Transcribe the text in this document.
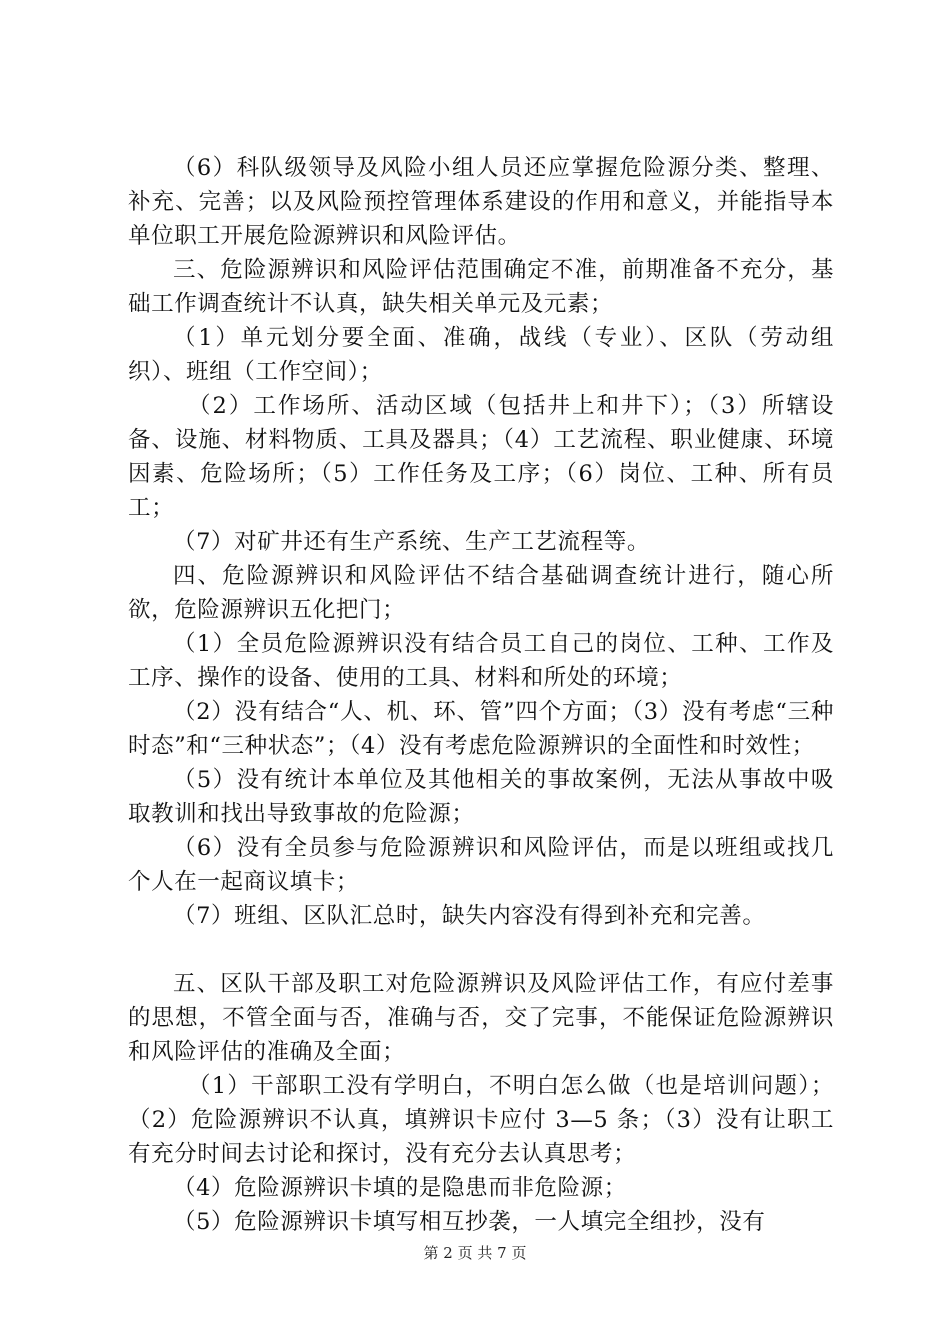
（6）科队级领导及风险小组人员还应掌握危险源分类、整理、补充、完善；以及风险预控管理体系建设的作用和意义，并能指导本单位职工开展危险源辨识和风险评估。

三、危险源辨识和风险评估范围确定不准，前期准备不充分，基础工作调查统计不认真，缺失相关单元及元素；

（1）单元划分要全面、准确，战线（专业）、区队（劳动组织）、班组（工作空间）；

（2）工作场所、活动区域（包括井上和井下）；（3）所辖设备、设施、材料物质、工具及器具；（4）工艺流程、职业健康、环境因素、危险场所；（5）工作任务及工序；（6）岗位、工种、所有员工；

（7）对矿井还有生产系统、生产工艺流程等。

四、危险源辨识和风险评估不结合基础调查统计进行，随心所欲，危险源辨识五化把门；

（1）全员危险源辨识没有结合员工自己的岗位、工种、工作及工序、操作的设备、使用的工具、材料和所处的环境；

（2）没有结合“人、机、环、管”四个方面；（3）没有考虑“三种时态”和“三种状态”；（4）没有考虑危险源辨识的全面性和时效性；

（5）没有统计本单位及其他相关的事故案例，无法从事故中吸取教训和找出导致事故的危险源；

（6）没有全员参与危险源辨识和风险评估，而是以班组或找几个人在一起商议填卡；

（7）班组、区队汇总时，缺失内容没有得到补充和完善。

五、区队干部及职工对危险源辨识及风险评估工作，有应付差事的思想，不管全面与否，准确与否，交了完事，不能保证危险源辨识和风险评估的准确及全面；

（1）干部职工没有学明白，不明白怎么做（也是培训问题）；（2）危险源辨识不认真，填辨识卡应付 3—5 条；（3）没有让职工有充分时间去讨论和探讨，没有充分去认真思考；

（4）危险源辨识卡填的是隐患而非危险源；

（5）危险源辨识卡填写相互抄袭，一人填完全组抄，没有

第 2 页 共 7 页
